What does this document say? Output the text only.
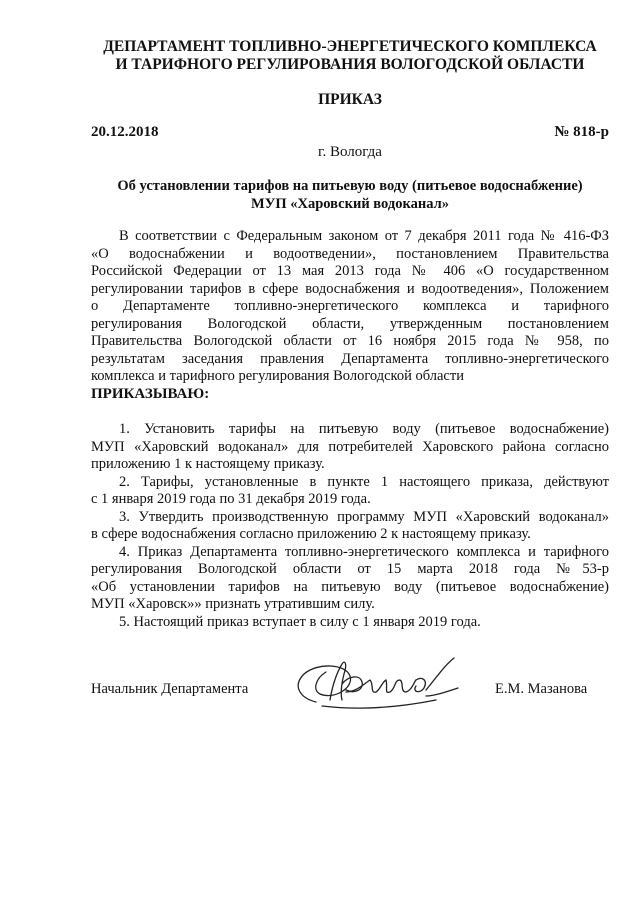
ДЕПАРТАМЕНТ ТОПЛИВНО-ЭНЕРГЕТИЧЕСКОГО КОМПЛЕКСА
И ТАРИФНОГО РЕГУЛИРОВАНИЯ ВОЛОГОДСКОЙ ОБЛАСТИ
ПРИКАЗ
20.12.2018	№ 818-р
г. Вологда
Об установлении тарифов на питьевую воду (питьевое водоснабжение)
МУП «Харовский водоканал»
В соответствии с Федеральным законом от 7 декабря 2011 года № 416-ФЗ
«О водоснабжении и водоотведении», постановлением Правительства
Российской Федерации от 13 мая 2013 года № 406 «О государственном
регулировании тарифов в сфере водоснабжения и водоотведения», Положением
о Департаменте топливно-энергетического комплекса и тарифного
регулирования Вологодской области, утвержденным постановлением
Правительства Вологодской области от 16 ноября 2015 года № 958, по
результатам заседания правления Департамента топливно-энергетического
комплекса и тарифного регулирования Вологодской области
ПРИКАЗЫВАЮ:
1. Установить тарифы на питьевую воду (питьевое водоснабжение)
МУП «Харовский водоканал» для потребителей Харовского района согласно
приложению 1 к настоящему приказу.
2. Тарифы, установленные в пункте 1 настоящего приказа, действуют
с 1 января 2019 года по 31 декабря 2019 года.
3. Утвердить производственную программу МУП «Харовский водоканал»
в сфере водоснабжения согласно приложению 2 к настоящему приказу.
4. Приказ Департамента топливно-энергетического комплекса и тарифного
регулирования Вологодской области от 15 марта 2018 года №53-р
«Об установлении тарифов на питьевую воду (питьевое водоснабжение)
МУП «Харовск»» признать утратившим силу.
5. Настоящий приказ вступает в силу с 1 января 2019 года.
Начальник Департамента	Е.М. Мазанова
